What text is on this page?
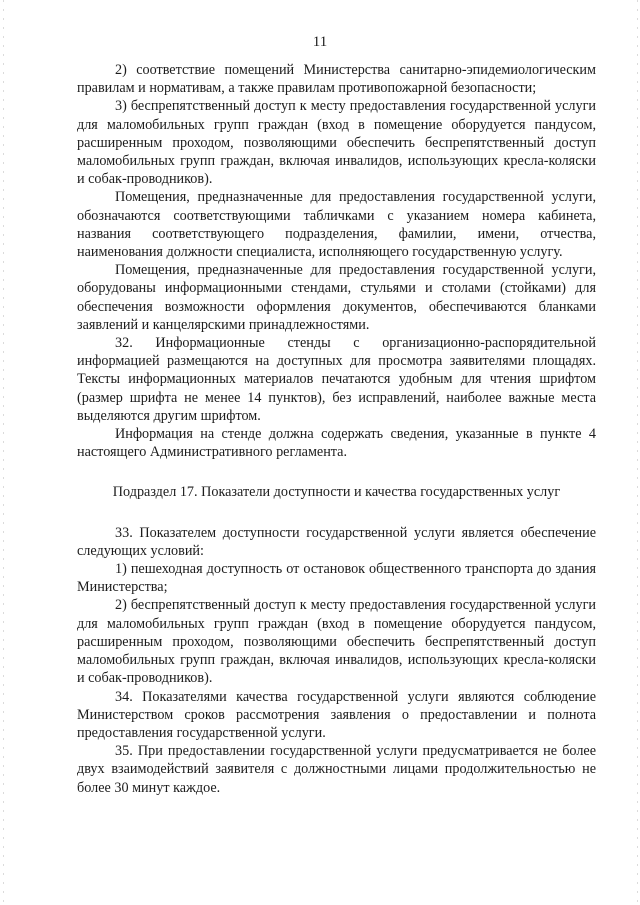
11

2) соответствие помещений Министерства санитарно-эпидемиологическим правилам и нормативам, а также правилам противопожарной безопасности;

3) беспрепятственный доступ к месту предоставления государственной услуги для маломобильных групп граждан (вход в помещение оборудуется пандусом, расширенным проходом, позволяющими обеспечить беспрепятственный доступ маломобильных групп граждан, включая инвалидов, использующих кресла-коляски и собак-проводников).

Помещения, предназначенные для предоставления государственной услуги, обозначаются соответствующими табличками с указанием номера кабинета, названия соответствующего подразделения, фамилии, имени, отчества, наименования должности специалиста, исполняющего государственную услугу.

Помещения, предназначенные для предоставления государственной услуги, оборудованы информационными стендами, стульями и столами (стойками) для обеспечения возможности оформления документов, обеспечиваются бланками заявлений и канцелярскими принадлежностями.

32. Информационные стенды с организационно-распорядительной информацией размещаются на доступных для просмотра заявителями площадях. Тексты информационных материалов печатаются удобным для чтения шрифтом (размер шрифта не менее 14 пунктов), без исправлений, наиболее важные места выделяются другим шрифтом.

Информация на стенде должна содержать сведения, указанные в пункте 4 настоящего Административного регламента.

Подраздел 17. Показатели доступности и качества государственных услуг

33. Показателем доступности государственной услуги является обеспечение следующих условий:

1) пешеходная доступность от остановок общественного транспорта до здания Министерства;

2) беспрепятственный доступ к месту предоставления государственной услуги для маломобильных групп граждан (вход в помещение оборудуется пандусом, расширенным проходом, позволяющими обеспечить беспрепятственный доступ маломобильных групп граждан, включая инвалидов, использующих кресла-коляски и собак-проводников).

34. Показателями качества государственной услуги являются соблюдение Министерством сроков рассмотрения заявления о предоставлении и полнота предоставления государственной услуги.

35. При предоставлении государственной услуги предусматривается не более двух взаимодействий заявителя с должностными лицами продолжительностью не более 30 минут каждое.
